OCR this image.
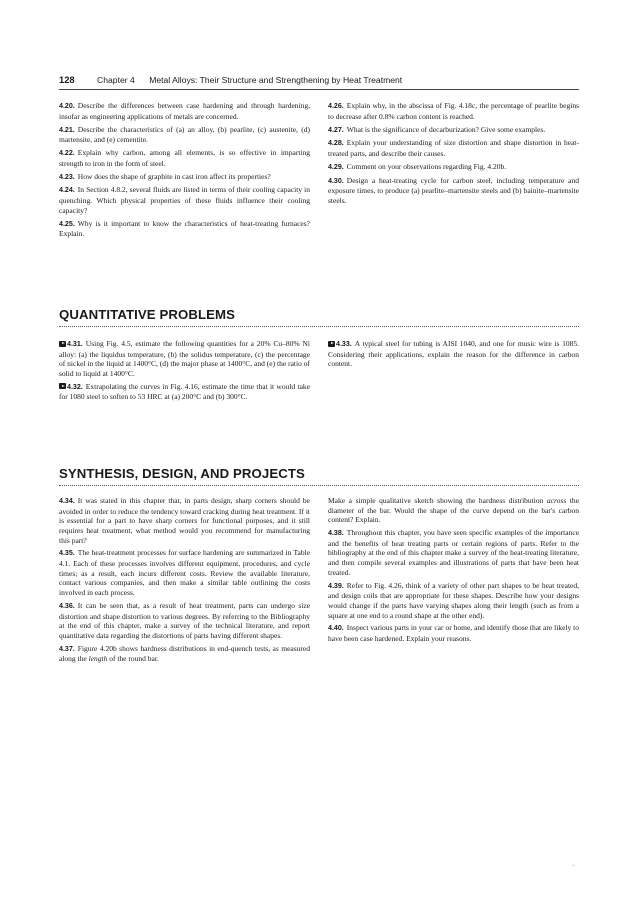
128	Chapter 4 Metal Alloys: Their Structure and Strengthening by Heat Treatment

4.20. Describe the differences between case hardening and through hardening, insofar as engineering applications of metals are concerned.

4.21. Describe the characteristics of (a) an alloy, (b) pearlite, (c) austenite, (d) martensite, and (e) cementite.

4.22. Explain why carbon, among all elements, is so effective in imparting strength to iron in the form of steel.

4.23. How does the shape of graphite in cast iron affect its properties?

4.24. In Section 4.8.2, several fluids are listed in terms of their cooling capacity in quenching. Which physical properties of these fluids influence their cooling capacity?

4.25. Why is it important to know the characteristics of heat-treating furnaces? Explain.

4.26. Explain why, in the abscissa of Fig. 4.18c, the percentage of pearlite begins to decrease after 0.8% carbon content is reached.

4.27. What is the significance of decarburization? Give some examples.

4.28. Explain your understanding of size distortion and shape distortion in heat-treated parts, and describe their causes.

4.29. Comment on your observations regarding Fig. 4.20b.

4.30. Design a heat-treating cycle for carbon steel, including temperature and exposure times, to produce (a) pearlite–martensite steels and (b) bainite–martensite steels.

QUANTITATIVE PROBLEMS

4.31. Using Fig. 4.5, estimate the following quantities for a 20% Cu–80% Ni alloy: (a) the liquidus temperature, (b) the solidus temperature, (c) the percentage of nickel in the liquid at 1400°C, (d) the major phase at 1400°C, and (e) the ratio of solid to liquid at 1400°C.

4.32. Extrapolating the curves in Fig. 4.16, estimate the time that it would take for 1080 steel to soften to 53 HRC at (a) 200°C and (b) 300°C.

4.33. A typical steel for tubing is AISI 1040, and one for music wire is 1085. Considering their applications, explain the reason for the difference in carbon content.

SYNTHESIS, DESIGN, AND PROJECTS

4.34. It was stated in this chapter that, in parts design, sharp corners should be avoided in order to reduce the tendency toward cracking during heat treatment. If it is essential for a part to have sharp corners for functional purposes, and it still requires heat treatment, what method would you recommend for manufacturing this part?

4.35. The heat-treatment processes for surface hardening are summarized in Table 4.1. Each of these processes involves different equipment, procedures, and cycle times; as a result, each incurs different costs. Review the available literature, contact various companies, and then make a similar table outlining the costs involved in each process.

4.36. It can be seen that, as a result of heat treatment, parts can undergo size distortion and shape distortion to various degrees. By referring to the Bibliography at the end of this chapter, make a survey of the technical literature, and report quantitative data regarding the distortions of parts having different shapes.

4.37. Figure 4.20b shows hardness distributions in end-quench tests, as measured along the length of the round bar.

Make a simple qualitative sketch showing the hardness distribution across the diameter of the bar. Would the shape of the curve depend on the bar's carbon content? Explain.

4.38. Throughout this chapter, you have seen specific examples of the importance and the benefits of heat treating parts or certain regions of parts. Refer to the bibliography at the end of this chapter make a survey of the heat-treating literature, and then compile several examples and illustrations of parts that have been heat treated.

4.39. Refer to Fig. 4.26, think of a variety of other part shapes to be heat treated, and design coils that are appropriate for these shapes. Describe how your designs would change if the parts have varying shapes along their length (such as from a square at one end to a round shape at the other end).

4.40. Inspect various parts in your car or home, and identify those that are likely to have been case hardened. Explain your reasons.

·
